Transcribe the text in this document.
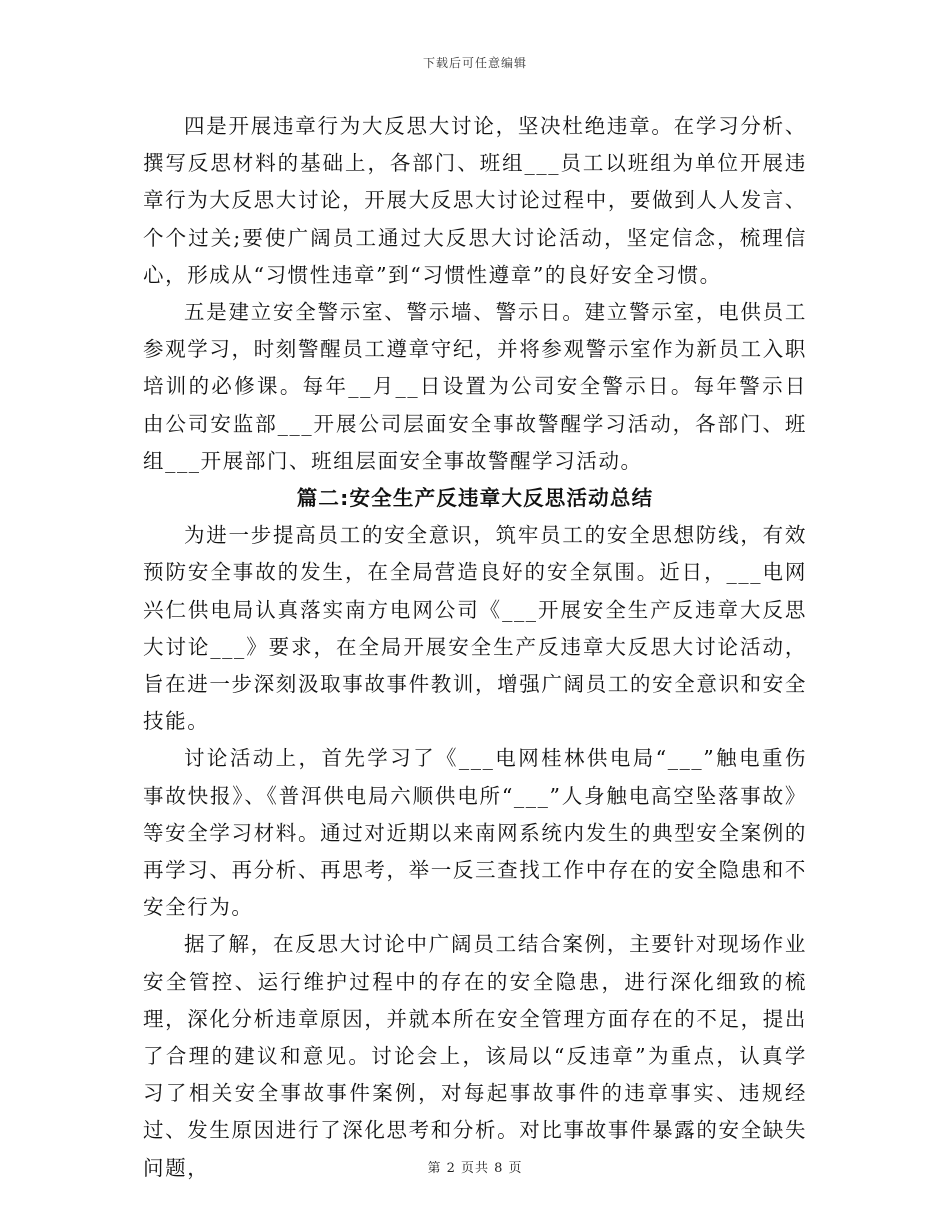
下载后可任意编辑

四是开展违章行为大反思大讨论，坚决杜绝违章。在学习分析、撰写反思材料的基础上，各部门、班组___员工以班组为单位开展违章行为大反思大讨论，开展大反思大讨论过程中，要做到人人发言、个个过关;要使广阔员工通过大反思大讨论活动，坚定信念，梳理信心，形成从“习惯性违章”到“习惯性遵章”的良好安全习惯。

五是建立安全警示室、警示墙、警示日。建立警示室，电供员工参观学习，时刻警醒员工遵章守纪，并将参观警示室作为新员工入职培训的必修课。每年__月__日设置为公司安全警示日。每年警示日由公司安监部___开展公司层面安全事故警醒学习活动，各部门、班组___开展部门、班组层面安全事故警醒学习活动。

篇二:安全生产反违章大反思活动总结

为进一步提高员工的安全意识，筑牢员工的安全思想防线，有效预防安全事故的发生，在全局营造良好的安全氛围。近日，___电网兴仁供电局认真落实南方电网公司《___开展安全生产反违章大反思大讨论___》要求，在全局开展安全生产反违章大反思大讨论活动，旨在进一步深刻汲取事故事件教训，增强广阔员工的安全意识和安全技能。

讨论活动上，首先学习了《___电网桂林供电局“___”触电重伤事故快报》、《普洱供电局六顺供电所“___”人身触电高空坠落事故》等安全学习材料。通过对近期以来南网系统内发生的典型安全案例的再学习、再分析、再思考，举一反三查找工作中存在的安全隐患和不安全行为。

据了解，在反思大讨论中广阔员工结合案例，主要针对现场作业安全管控、运行维护过程中的存在的安全隐患，进行深化细致的梳理，深化分析违章原因，并就本所在安全管理方面存在的不足，提出了合理的建议和意见。讨论会上，该局以“反违章”为重点，认真学习了相关安全事故事件案例，对每起事故事件的违章事实、违规经过、发生原因进行了深化思考和分析。对比事故事件暴露的安全缺失问题，	第 2 页共 8 页
